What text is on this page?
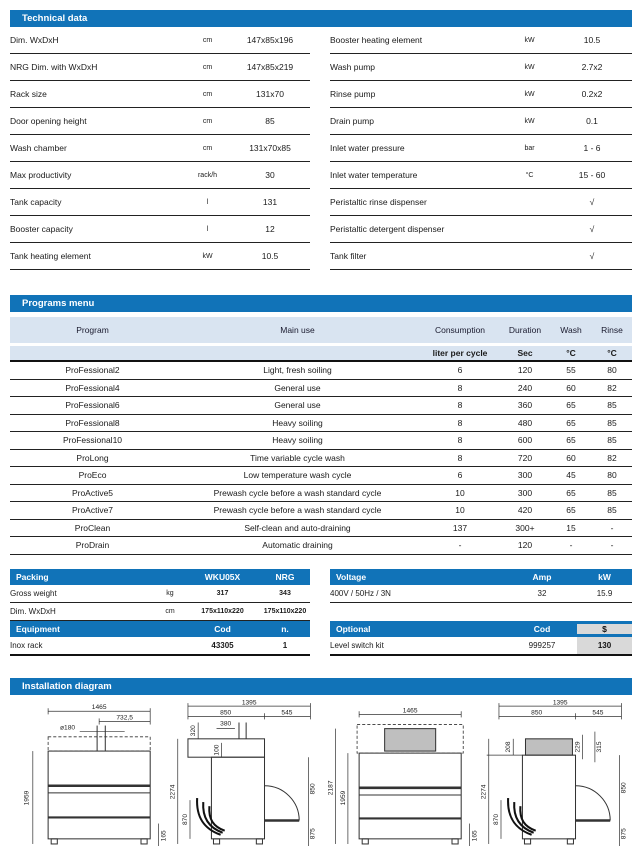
Technical data
Dim. WxDxH	cm	147x85x196
NRG Dim. with WxDxH	cm	147x85x219
Rack size	cm	131x70
Door opening height	cm	85
Wash chamber	cm	131x70x85
Max productivity	rack/h	30
Tank capacity	l	131
Booster capacity	l	12
Tank heating element	kW	10.5
Booster heating element	kW	10.5
Wash pump	kW	2.7x2
Rinse pump	kW	0.2x2
Drain pump	kW	0.1
Inlet water pressure	bar	1 - 6
Inlet water temperature	°C	15 - 60
Peristaltic rinse dispenser	√
Peristaltic detergent dispenser	√
Tank filter	√
Programs menu
Program	Main use	Consumption	Duration	Wash	Rinse
liter per cycle	Sec	°C	°C
ProFessional2	Light, fresh soiling	6	120	55	80
ProFessional4	General use	8	240	60	82
ProFessional6	General use	8	360	65	85
ProFessional8	Heavy soiling	8	480	65	85
ProFessional10	Heavy soiling	8	600	65	85
ProLong	Time variable cycle wash	8	720	60	82
ProEco	Low temperature wash cycle	6	300	45	80
ProActive5	Prewash cycle before a wash standard cycle	10	300	65	85
ProActive7	Prewash cycle before a wash standard cycle	10	420	65	85
ProClean	Self-clean and auto-draining	137	300+	15	-
ProDrain	Automatic draining	-	120	-	-
Packing	WKU05X	NRG
Gross weight	kg	317	343
Dim. WxDxH	cm	175x110x220	175x110x220
Equipment	Cod	n.
Inox rack	43305	1
Voltage	Amp	kW
400V / 50Hz / 3N	32	15.9
Optional	Cod	$
Level switch kit	999257	130
Installation diagram
1465
732,5
ø180
1959
165
1395
850	545
380
320
100
2274
870
850
875
1465
2187
1959
165
1395
850	545
208	229 315
2274
870
850
875
